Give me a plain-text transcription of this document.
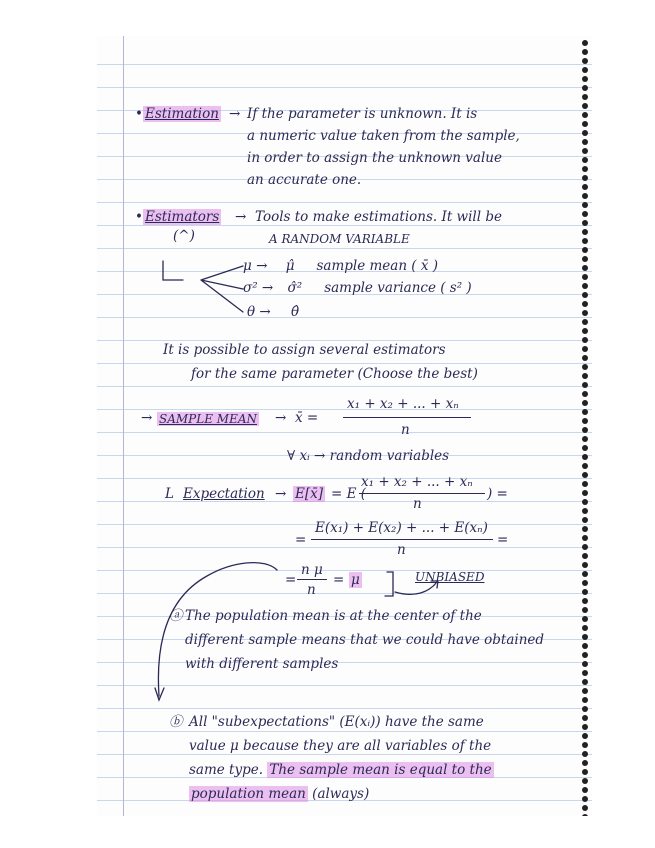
• Estimation → If the parameter is unknown. It is
a numeric value taken from the sample,
in order to assign the unknown value
an accurate one.
• Estimators → Tools to make estimations. It will be
(^)	A RANDOM VARIABLE
μ → μ̂ sample mean ( x̄ )
σ² → σ̂² sample variance ( s² )
θ → θ̂
It is possible to assign several estimators
for the same parameter (Choose the best)
→ SAMPLE MEAN → x̄ =
x₁ + x₂ + ... + xₙ
n
∀ xᵢ → random variables
L Expectation → E[x̄] = E (
x₁ + x₂ + ... + xₙ
n
) =
=
E(x₁) + E(x₂) + ... + E(xₙ)
n
=
=
n μ
n
= μ	UNBIASED
ⓐ The population mean is at the center of the
different sample means that we could have obtained
with different samples
ⓑ All "subexpectations" (E(xᵢ)) have the same
value μ because they are all variables of the
same type. The sample mean is equal to the
population mean (always)
